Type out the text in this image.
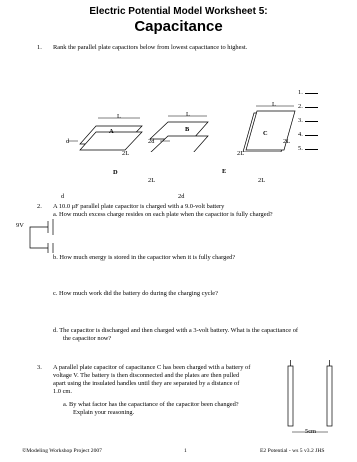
Electric Potential Model Worksheet 5:
Capacitance
1. Rank the parallel plate capacitors below from lowest capacitance to highest.
L	L
L
A	B
C
d	2d	2L
2L	2L
D	E
2L	2L
d	2d
1.
2.
3.
4.
5.
2. A 10.0 μF parallel plate capacitor is charged with a 9.0-volt battery
a. How much excess charge resides on each plate when the capacitor is fully charged?
9V
b. How much energy is stored in the capacitor when it is fully charged?
c. How much work did the battery do during the charging cycle?
d. The capacitor is discharged and then charged with a 3-volt battery. What is the capacitance of
the capacitor now?
3. A parallel plate capacitor of capacitance C has been charged with a battery of
voltage V. The battery is then disconnected and the plates are then pulled
apart using the insulated handles until they are separated by a distance of
1.0 cm.
a. By what factor has the capacitance of the capacitor been changed?
Explain your reasoning.
5cm
©Modeling Workshop Project 2007	1	E2 Potential - ws 5 v3.2 JHS
